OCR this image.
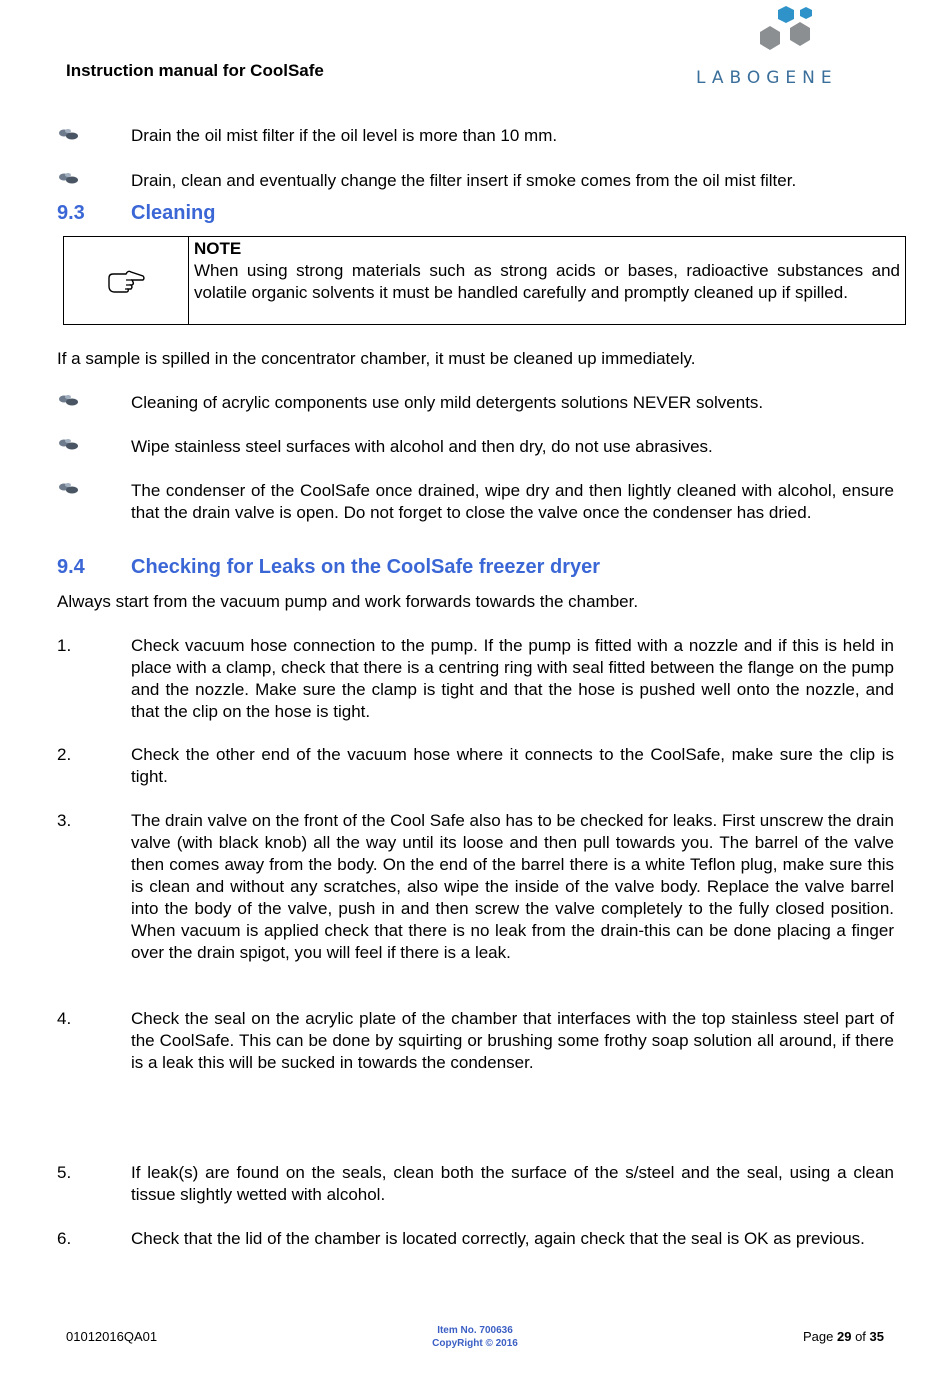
Instruction manual for CoolSafe	LABOGENE
Drain the oil mist filter if the oil level is more than 10 mm.
Drain, clean and eventually change the filter insert if smoke comes from the oil mist filter.
9.3 Cleaning
NOTE
When using strong materials such as strong acids or bases, radioactive substances and volatile organic solvents it must be handled carefully and promptly cleaned up if spilled.
If a sample is spilled in the concentrator chamber, it must be cleaned up immediately.
Cleaning of acrylic components use only mild detergents solutions NEVER solvents.
Wipe stainless steel surfaces with alcohol and then dry, do not use abrasives.
The condenser of the CoolSafe once drained, wipe dry and then lightly cleaned with alcohol, ensure that the drain valve is open. Do not forget to close the valve once the condenser has dried.
9.4 Checking for Leaks on the CoolSafe freezer dryer
Always start from the vacuum pump and work forwards towards the chamber.
1.	Check vacuum hose connection to the pump. If the pump is fitted with a nozzle and if this is held in place with a clamp, check that there is a centring ring with seal fitted between the flange on the pump and the nozzle. Make sure the clamp is tight and that the hose is pushed well onto the nozzle, and that the clip on the hose is tight.
2.	Check the other end of the vacuum hose where it connects to the CoolSafe, make sure the clip is tight.
3.	The drain valve on the front of the Cool Safe also has to be checked for leaks. First unscrew the drain valve (with black knob) all the way until its loose and then pull towards you. The barrel of the valve then comes away from the body. On the end of the barrel there is a white Teflon plug, make sure this is clean and without any scratches, also wipe the inside of the valve body. Replace the valve barrel into the body of the valve, push in and then screw the valve completely to the fully closed position. When vacuum is applied check that there is no leak from the drain-this can be done placing a finger over the drain spigot, you will feel if there is a leak.
4.	Check the seal on the acrylic plate of the chamber that interfaces with the top stainless steel part of the CoolSafe. This can be done by squirting or brushing some frothy soap solution all around, if there is a leak this will be sucked in towards the condenser.
5.	If leak(s) are found on the seals, clean both the surface of the s/steel and the seal, using a clean tissue slightly wetted with alcohol.
6.	Check that the lid of the chamber is located correctly, again check that the seal is OK as previous.
01012016QA01	Item No. 700636
CopyRight © 2016	Page 29 of 35
